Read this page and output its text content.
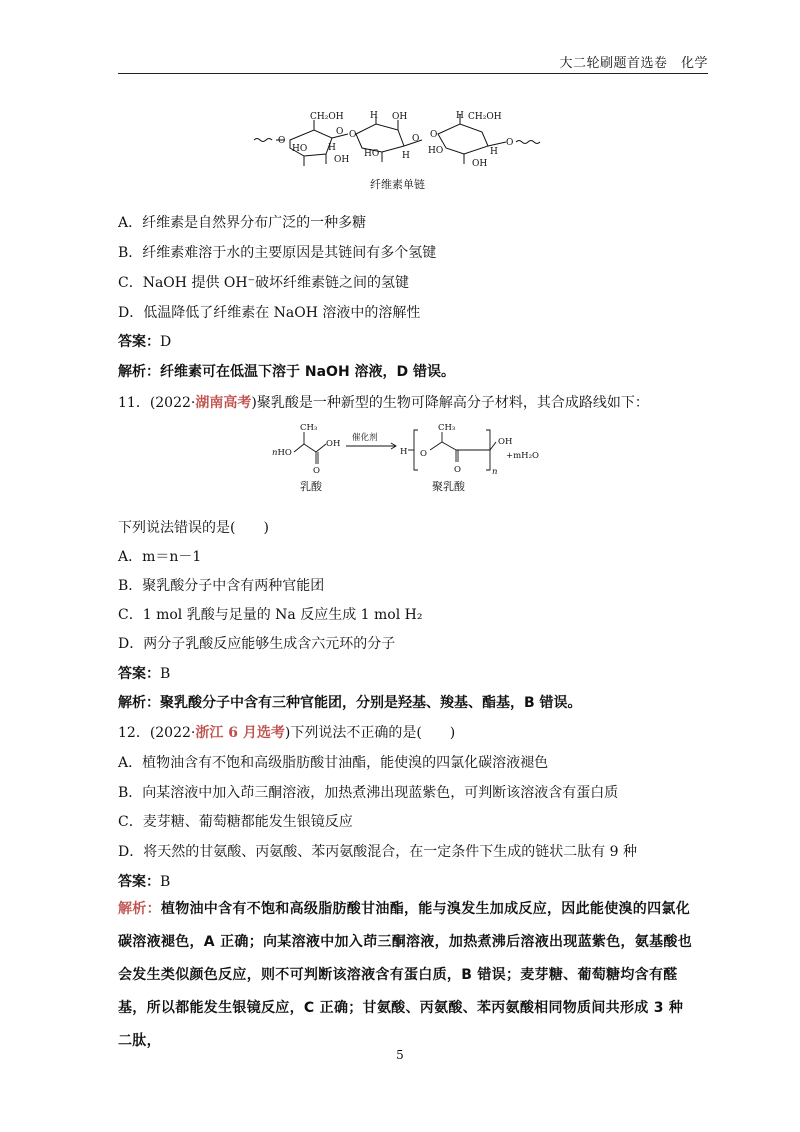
大二轮刷题首选卷　化学
O
CH₂OH
HO H
OH
O O
H OH
HO	H
O O
H CH₂OH
HO
OH
H
O
纤维素单链
A．纤维素是自然界分布广泛的一种多糖
B．纤维素难溶于水的主要原因是其链间有多个氢键
C．NaOH 提供 OH⁻破坏纤维素链之间的氢键
D．低温降低了纤维素在 NaOH 溶液中的溶解性
答案：D
解析：纤维素可在低温下溶于 NaOH 溶液，D 错误。
11．(2022·湖南高考)聚乳酸是一种新型的生物可降解高分子材料，其合成路线如下：
CH₃
nHO
OH
O
催化剂
H O
CH₃
O	n
OH
+mH₂O
乳酸	聚乳酸
下列说法错误的是(　　)
A．m＝n－1
B．聚乳酸分子中含有两种官能团
C．1 mol 乳酸与足量的 Na 反应生成 1 mol H₂
D．两分子乳酸反应能够生成含六元环的分子
答案：B
解析：聚乳酸分子中含有三种官能团，分别是羟基、羧基、酯基，B 错误。
12．(2022·浙江 6 月选考)下列说法不正确的是(　　)
A．植物油含有不饱和高级脂肪酸甘油酯，能使溴的四氯化碳溶液褪色
B．向某溶液中加入茚三酮溶液，加热煮沸出现蓝紫色，可判断该溶液含有蛋白质
C．麦芽糖、葡萄糖都能发生银镜反应
D．将天然的甘氨酸、丙氨酸、苯丙氨酸混合，在一定条件下生成的链状二肽有 9 种
答案：B
解析：植物油中含有不饱和高级脂肪酸甘油酯，能与溴发生加成反应，因此能使溴的四氯化碳溶液褪色，A 正确；向某溶液中加入茚三酮溶液，加热煮沸后溶液出现蓝紫色，氨基酸也会发生类似颜色反应，则不可判断该溶液含有蛋白质，B 错误；麦芽糖、葡萄糖均含有醛基，所以都能发生银镜反应，C 正确；甘氨酸、丙氨酸、苯丙氨酸相同物质间共形成 3 种二肽，
5
